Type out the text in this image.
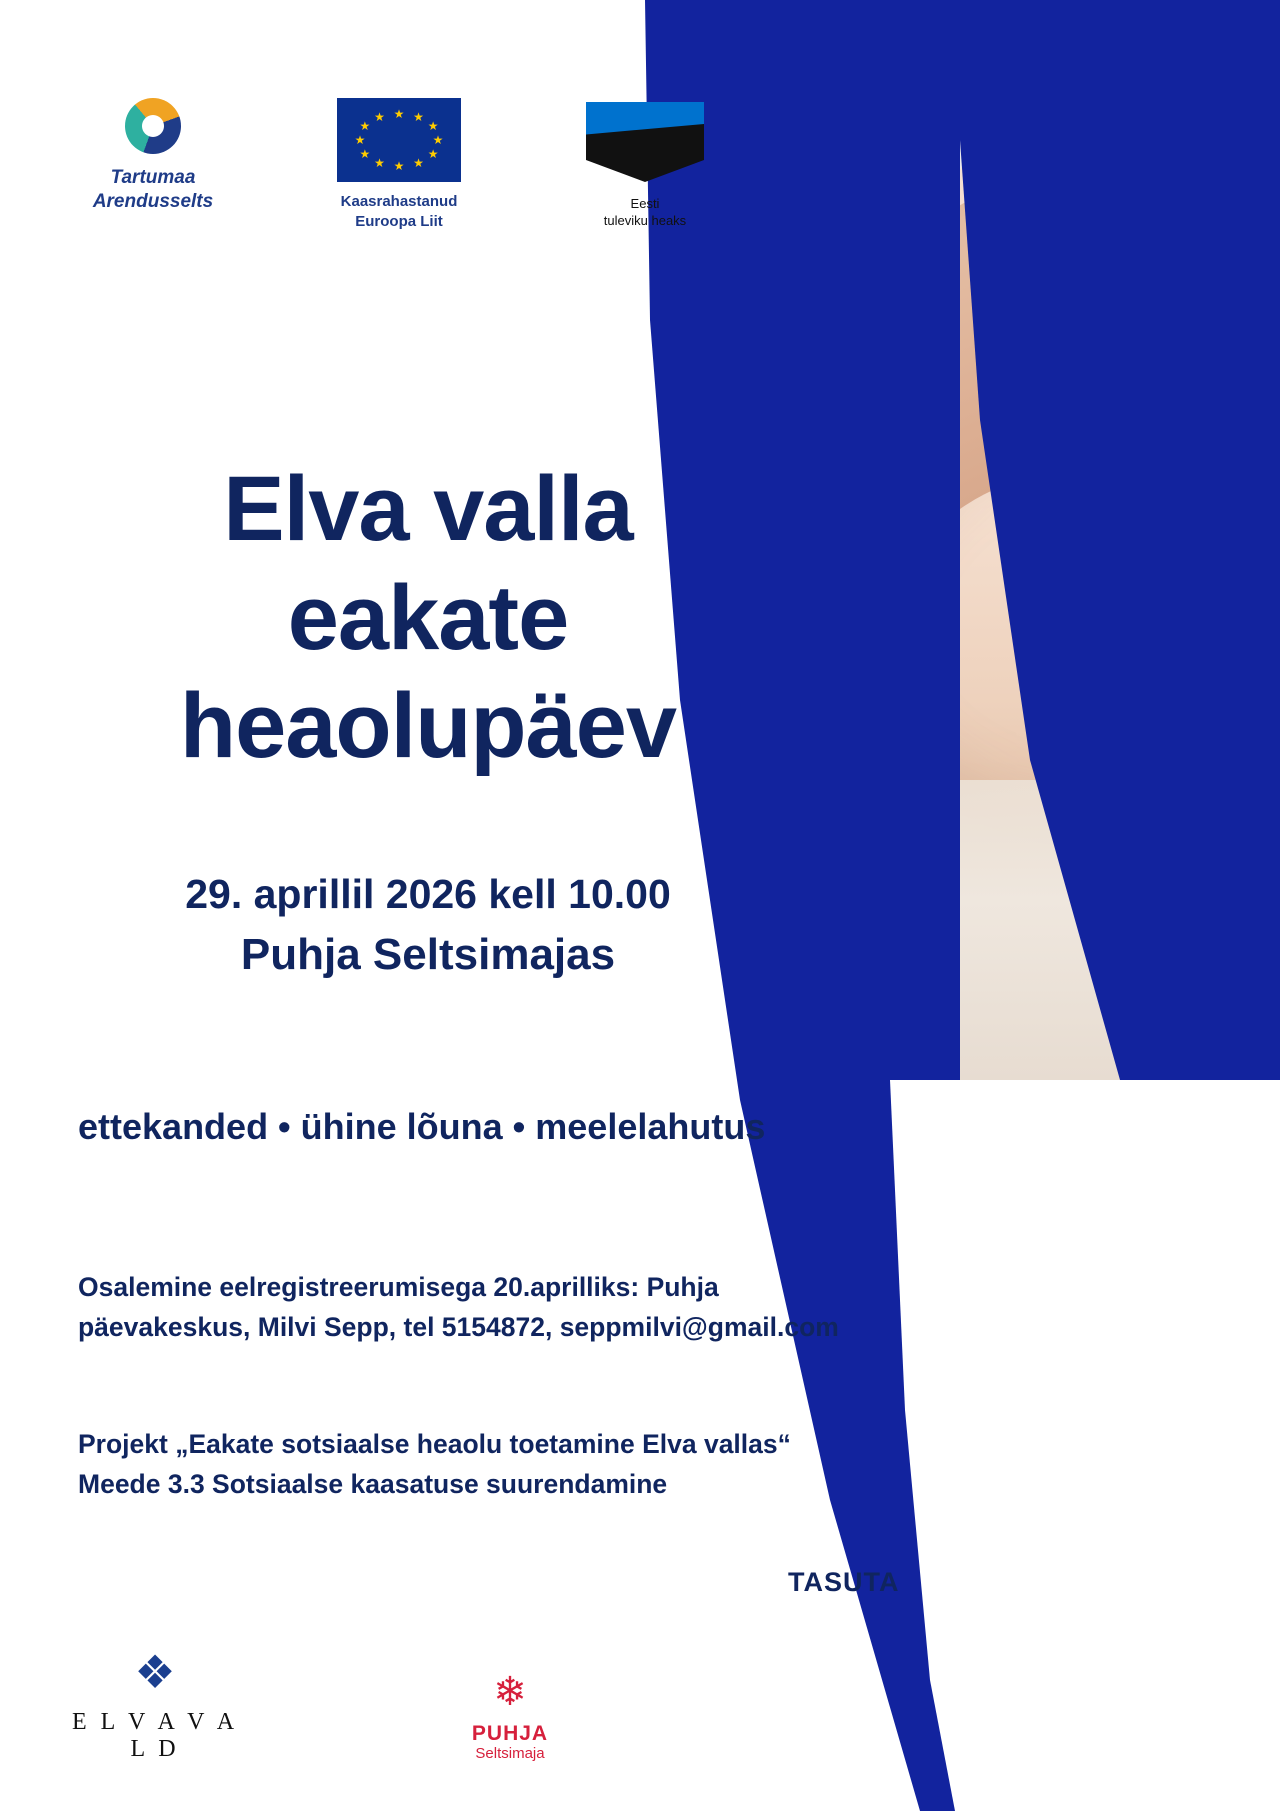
Tartumaa
Arendusselts
★ ★
★
★
★
★
★
★
★
★
★
★
Kaasrahastanud
Euroopa Liit
Eesti
tuleviku heaks
Elva valla
eakate
heaolupäev
29. aprillil 2026 kell 10.00
Puhja Seltsimajas
ettekanded • ühine lõuna • meelelahutus
Osalemine eelregistreerumisega 20.aprilliks: Puhja
päevakeskus, Milvi Sepp, tel 5154872, seppmilvi@gmail.com
Projekt „Eakate sotsiaalse heaolu toetamine Elva vallas“
Meede 3.3 Sotsiaalse kaasatuse suurendamine
TASUTA
❖
E L V A V A L D
❄
PUHJA
Seltsimaja
